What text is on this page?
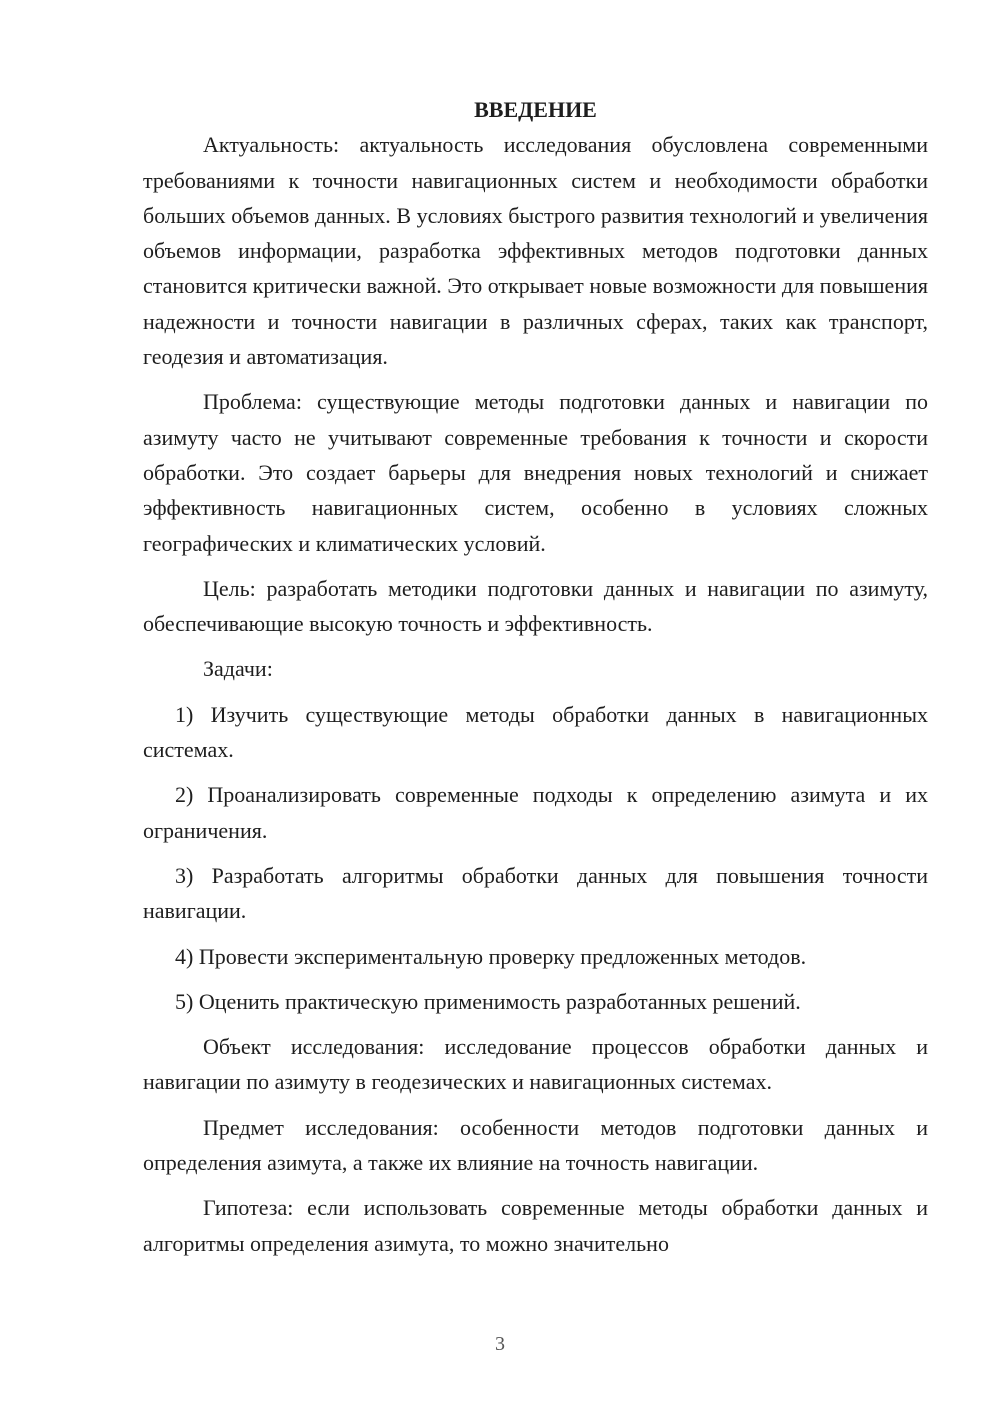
ВВЕДЕНИЕ

Актуальность: актуальность исследования обусловлена современными требованиями к точности навигационных систем и необходимости обработки больших объемов данных. В условиях быстрого развития технологий и увеличения объемов информации, разработка эффективных методов подготовки данных становится критически важной. Это открывает новые возможности для повышения надежности и точности навигации в различных сферах, таких как транспорт, геодезия и автоматизация.

Проблема: существующие методы подготовки данных и навигации по азимуту часто не учитывают современные требования к точности и скорости обработки. Это создает барьеры для внедрения новых технологий и снижает эффективность навигационных систем, особенно в условиях сложных географических и климатических условий.

Цель: разработать методики подготовки данных и навигации по азимуту, обеспечивающие высокую точность и эффективность.

Задачи:

1) Изучить существующие методы обработки данных в навигационных системах.

2) Проанализировать современные подходы к определению азимута и их ограничения.

3) Разработать алгоритмы обработки данных для повышения точности навигации.

4) Провести экспериментальную проверку предложенных методов.

5) Оценить практическую применимость разработанных решений.

Объект исследования: исследование процессов обработки данных и навигации по азимуту в геодезических и навигационных системах.

Предмет исследования: особенности методов подготовки данных и определения азимута, а также их влияние на точность навигации.

Гипотеза: если использовать современные методы обработки данных и алгоритмы определения азимута, то можно значительно

3
